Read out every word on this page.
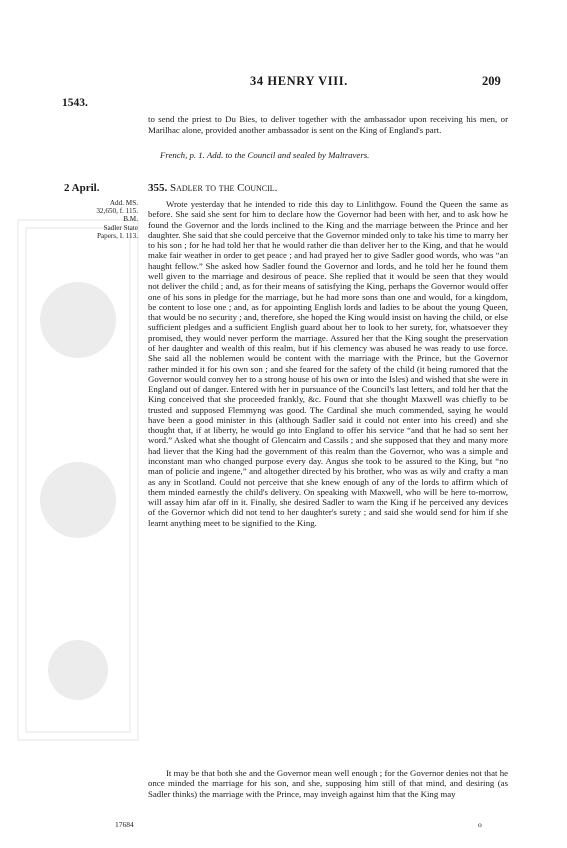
34 HENRY VIII.	209
1543.
to send the priest to Du Bies, to deliver together with the ambassador upon receiving his men, or Marilhac alone, provided another ambassador is sent on the King of England's part.
French, p. 1. Add. to the Council and sealed by Maltravers.
2 April.	355. Sadler to the Council.
Add. MS.
32,650, f. 115.
B.M.
Sadler State
Papers, I. 113.

Wrote yesterday that he intended to ride this day to Linlithgow. Found the Queen the same as before. She said she sent for him to declare how the Governor had been with her, and to ask how he found the Governor and the lords inclined to the King and the marriage between the Prince and her daughter. She said that she could perceive that the Governor minded only to take his time to marry her to his son ; for he had told her that he would rather die than deliver her to the King, and that he would make fair weather in order to get peace ; and had prayed her to give Sadler good words, who was “an haught fellow.” She asked how Sadler found the Governor and lords, and he told her he found them well given to the marriage and desirous of peace. She replied that it would be seen that they would not deliver the child ; and, as for their means of satisfying the King, perhaps the Governor would offer one of his sons in pledge for the marriage, but he had more sons than one and would, for a kingdom, be content to lose one ; and, as for appointing English lords and ladies to be about the young Queen, that would be no security ; and, therefore, she hoped the King would insist on having the child, or else sufficient pledges and a sufficient English guard about her to look to her surety, for, whatsoever they promised, they would never perform the marriage. Assured her that the King sought the preservation of her daughter and wealth of this realm, but if his clemency was abused he was ready to use force. She said all the noblemen would be content with the marriage with the Prince, but the Governor rather minded it for his own son ; and she feared for the safety of the child (it being rumored that the Governor would convey her to a strong house of his own or into the Isles) and wished that she were in England out of danger. Entered with her in pursuance of the Council's last letters, and told her that the King conceived that she proceeded frankly, &c. Found that she thought Maxwell was chiefly to be trusted and supposed Flemmyng was good. The Cardinal she much commended, saying he would have been a good minister in this (although Sadler said it could not enter into his creed) and she thought that, if at liberty, he would go into England to offer his service “and that he had so sent her word.” Asked what she thought of Glencairn and Cassils ; and she supposed that they and many more had liever that the King had the government of this realm than the Governor, who was a simple and inconstant man who changed purpose every day. Angus she took to be assured to the King, but “no man of policie and ingene,” and altogether directed by his brother, who was as wily and crafty a man as any in Scotland. Could not perceive that she knew enough of any of the lords to affirm which of them minded earnestly the child's delivery. On speaking with Maxwell, who will be here to-morrow, will assay him afar off in it. Finally, she desired Sadler to warn the King if he perceived any devices of the Governor which did not tend to her daughter's surety ; and said she would send for him if she learnt anything meet to be signified to the King.

It may be that both she and the Governor mean well enough ; for the Governor denies not that he once minded the marriage for his son, and she, supposing him still of that mind, and desiring (as Sadler thinks) the marriage with the Prince, may inveigh against him that the King may

17684	o
